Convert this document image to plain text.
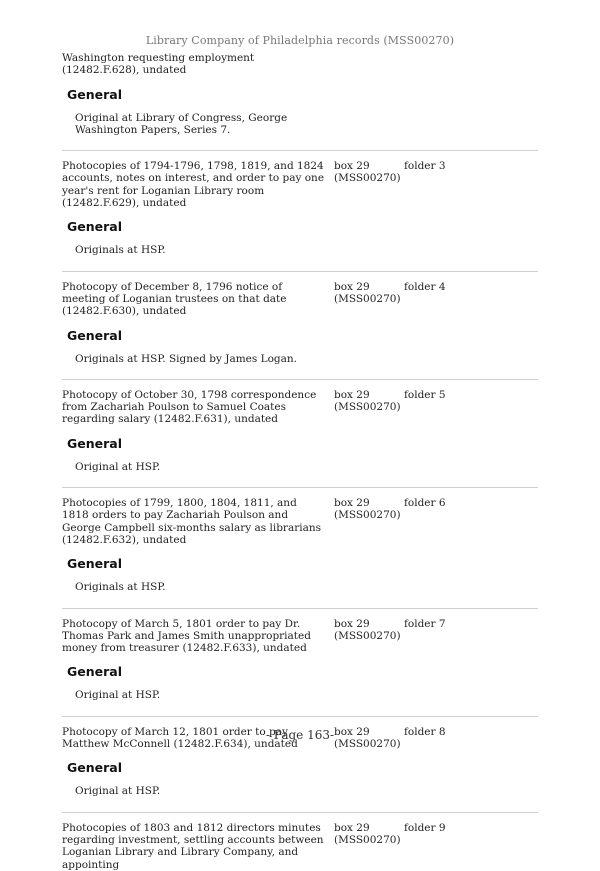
Library Company of Philadelphia records (MSS00270)
Washington requesting employment (12482.F.628), undated
General
Original at Library of Congress, George Washington Papers, Series 7.
Photocopies of 1794-1796, 1798, 1819, and 1824 accounts, notes on interest, and order to pay one year's rent for Loganian Library room (12482.F.629), undated
box 29 (MSS00270)
folder 3
General
Originals at HSP.
Photocopy of December 8, 1796 notice of meeting of Loganian trustees on that date (12482.F.630), undated
box 29 (MSS00270)
folder 4
General
Originals at HSP. Signed by James Logan.
Photocopy of October 30, 1798 correspondence from Zachariah Poulson to Samuel Coates regarding salary (12482.F.631), undated
box 29 (MSS00270)
folder 5
General
Original at HSP.
Photocopies of 1799, 1800, 1804, 1811, and 1818 orders to pay Zachariah Poulson and George Campbell six-months salary as librarians (12482.F.632), undated
box 29 (MSS00270)
folder 6
General
Originals at HSP.
Photocopy of March 5, 1801 order to pay Dr. Thomas Park and James Smith unappropriated money from treasurer (12482.F.633), undated
box 29 (MSS00270)
folder 7
General
Original at HSP.
Photocopy of March 12, 1801 order to pay Matthew McConnell (12482.F.634), undated
box 29 (MSS00270)
folder 8
General
Original at HSP.
Photocopies of 1803 and 1812 directors minutes regarding investment, settling accounts between Loganian Library and Library Company, and appointing
box 29 (MSS00270)
folder 9
- Page 163-
